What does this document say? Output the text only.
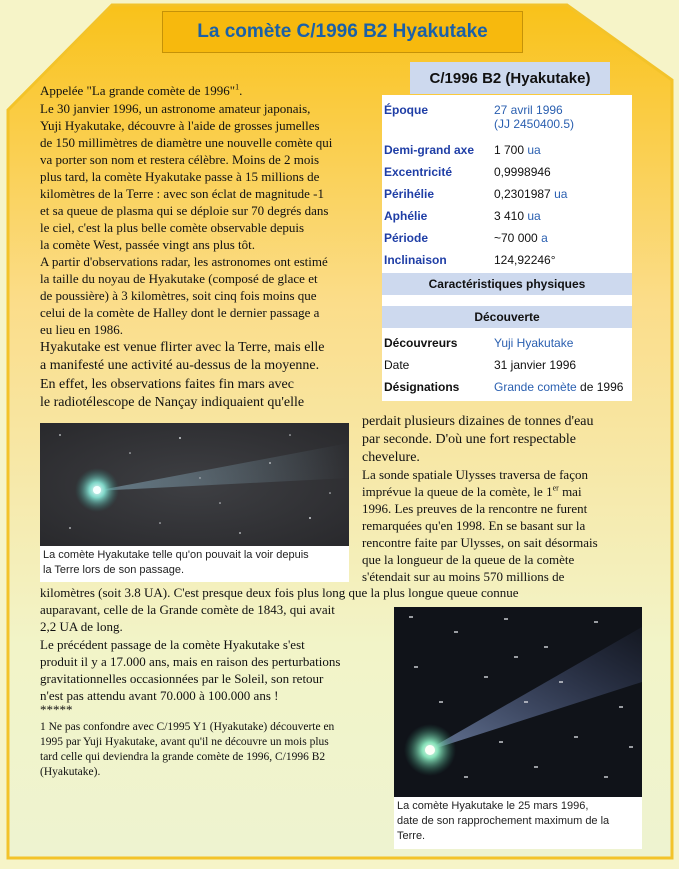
La comète C/1996 B2 Hyakutake
C/1996 B2 (Hyakutake)
Époque	27 avril 1996
(JJ 2450400.5)
Demi-grand axe 1 700 ua
Excentricité	0,9998946
Périhélie	0,2301987 ua
Aphélie	3 410 ua
Période	~70 000 a
Inclinaison	124,92246°
Caractéristiques physiques
Découverte
Découvreurs	Yuji Hyakutake
Date	31 janvier 1996
Désignations	Grande comète de 1996
Appelée "La grande comète de 1996"$^1$.
Le 30 janvier 1996, un astronome amateur japonais,
Yuji Hyakutake, découvre à l'aide de grosses jumelles
de 150 millimètres de diamètre une nouvelle comète qui
va porter son nom et restera célèbre. Moins de 2 mois
plus tard, la comète Hyakutake passe à 15 millions de
kilomètres de la Terre : avec son éclat de magnitude -1
et sa queue de plasma qui se déploie sur 70 degrés dans
le ciel, c'est la plus belle comète observable depuis
la comète West, passée vingt ans plus tôt.
A partir d'observations radar, les astronomes ont estimé
la taille du noyau de Hyakutake (composé de glace et
de poussière) à 3 kilomètres, soit cinq fois moins que
celui de la comète de Halley dont le dernier passage a
eu lieu en 1986.
Hyakutake est venue flirter avec la Terre, mais elle
a manifesté une activité au-dessus de la moyenne.
En effet, les observations faites fin mars avec
le radiotélescope de Nançay indiquaient qu'elle
perdait plusieurs dizaines de tonnes d'eau
par seconde. D'où une fort respectable
chevelure.
La sonde spatiale Ulysses traversa de façon
imprévue la queue de la comète, le 1er mai
1996. Les preuves de la rencontre ne furent
remarquées qu'en 1998. En se basant sur la
rencontre faite par Ulysses, on sait désormais
que la longueur de la queue de la comète
s'étendait sur au moins 570 millions de
kilomètres (soit 3.8 UA). C'est presque deux fois plus long que la plus longue queue connue
auparavant, celle de la Grande comète de 1843, qui avait
2,2 UA de long.
Le précédent passage de la comète Hyakutake s'est
produit il y a 17.000 ans, mais en raison des perturbations
gravitationnelles occasionnées par le Soleil, son retour
n'est pas attendu avant 70.000 à 100.000 ans !
*****
1 Ne pas confondre avec C/1995 Y1 (Hyakutake) découverte en
1995 par Yuji Hyakutake, avant qu'il ne découvre un mois plus
tard celle qui deviendra la grande comète de 1996, C/1996 B2
(Hyakutake).
La comète Hyakutake telle qu'on pouvait la voir depuis
la Terre lors de son passage.
La comète Hyakutake le 25 mars 1996,
date de son rapprochement maximum de la
Terre.
